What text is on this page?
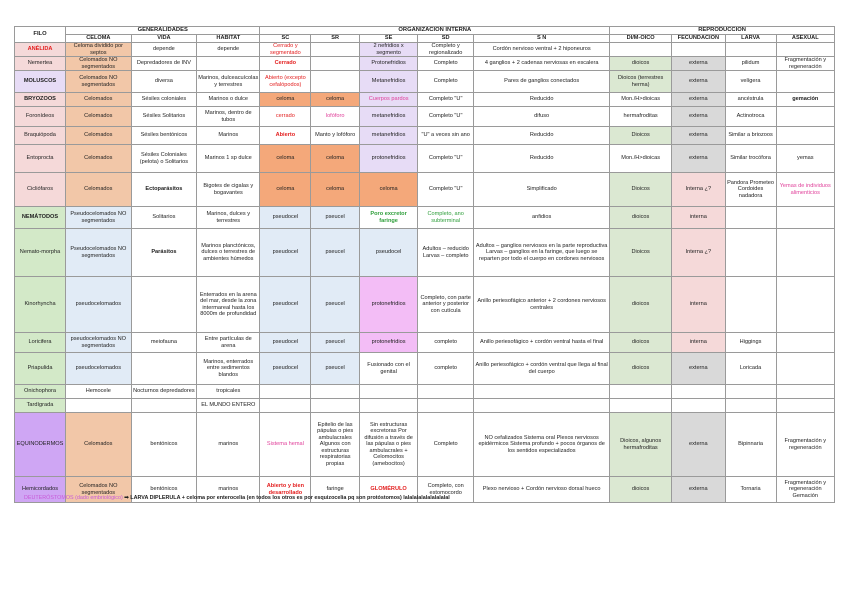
FILO	GENERALIDADES			ORGANIZACIÓN INTERNA					REPRODUCCIÓN			
	CELOMA	VIDA	HABITAT	SC	SR	SE	SD	S N	DI/M-OICO	FECUNDACIÓN	LARVA	ASEXUAL
ANÉLIDA	Celoma dividido por septos	depende	depende	Cerrado y segmentado		2 nefridios x segmento	Completo y regionalizado	Cordón nervioso ventral + 2 hiponeuros				
Nemertea	Celomados NO segmentados	Depredadores de INV		Cerrado		Protonefridios	Completo	4 ganglios + 2 cadenas nerviosas en escalera	dioicos	externa	pilidum	Fragmentación y regeneración
MOLUSCOS	Celomados NO segmentados	diversa	Marinos, dulceacuícolas y terrestres	Abierto (excepto cefalópodos)		Metanefridios	Completo	Pares de ganglios conectados	Dioicos (terrestres herma)	externa	velígera	
BRYOZOOS	Celomados	Sésiles coloniales	Marinos o dulce	celoma	celoma	Cuerpos pardos	Completo "U"	Reducido	Mon./H>dioicas	externa	ancéstrula	gemación
Foronídeos	Celomados	Sésiles Solitarios	Marinos, dentro de tubos	cerrado	lofóforo	metanefridios	Completo "U"	difuso	hermafroditas	externa	Actinotroca	
Braquiópoda	Celomados	Sésiles bentónicos	Marinos	Abierto	Manto y lofóforo	metanefridios	"U" a veces sin ano	Reducido	Dioicos	externa	Similar a briozoos	
Entoprocta	Celomados	Sésiles Coloniales (pelota) o Solitarios	Marinos 1 sp dulce	celoma	celoma	protonefridios	Completo "U"	Reducido	Mon./H>dioicas	externa	Similar trocófora	yemas
Cicliófaros	Celomados	Ectoparásitos	Bigotes de cigalas y bogavantes	celoma	celoma	celoma	Completo "U"	Simplificado	Dioicos	Interna ¿?	Pandora Prometeo Cordoides nadadora	Yemas de individuos alimenticios
NEMÁTODOS	Pseudocelomados NO segmentados	Solitarios	Marinos, dulces y terrestres	pseudocel	pseucel	Poro excretor faringe	Completo, ano subterminal	anfidios	dioicos	interna		
Nemato-morpha	Pseudocelomados NO segmentados	Parásitos	Marinos planctónicos, dulces o terrestres de ambientes húmedos	pseudocel	pseucel	pseudocel	Adultos – reducido Larvas – completo	Adultos – ganglios nerviosos en la parte reproductiva Larvas – ganglios en la faringe, que luego se reparten por todo el cuerpo en cordones nerviosos	Dioicos	Interna ¿?		
Kinorhyncha	pseudocelomados		Enterrados en la arena del mar, desde la zona intermareal hasta los 8000m de profundidad	pseudocel	pseucel	protonefridios	Completo, con parte anterior y posterior con cutícula	Anillo periesofágico anterior + 2 cordones nerviosos centrales	dioicos	interna		
Loricifera	pseudocelomados NO segmentados	meiofauna	Entre partículas de arena	pseudocel	pseucel	protonefridios	completo	Anillo periesofágico + cordón ventral hasta el final	dioicos	interna	Higgings	
Priapulida	pseudocelomados		Marinos, enterrados entre sedimentos blandos	pseudocel	pseucel	Fusionado con el genital	completo	Anillo periesofágico + cordón ventral que llega al final del cuerpo	dioicos	externa	Loricada	
Onichophora	Hemocele	Nocturnos depredadores	tropicales									
Tardígrada			EL MUNDO ENTERO									
EQUINODERMOS	Celomados	bentónicos	marinos	Sistema hemal	Epitelio de las pápulas o pies ambulacrales Algunos con estructuras respiratorias propias	Sin estructuras excretoras Por difusión a través de las pápulas o pies ambulacrales + Celomocitos (amebocitos)	Completo	NO cefalizados Sistema oral Plexos nerviosos epidérmicos Sistema profundo + pocos órganos de los sentidos especializados	Dioicos, algunos hermafroditas	externa	Bipinnaria	Fragmentación y regeneración
Hemicordados	Celomados NO segmentados	bentónicos	marinos	Abierto y bien desarrollado	faringe	GLOMÉRULO	Completo, con estomocordo	Plexo nervioso + Cordón nervioso dorsal hueco	dioicos	externa	Tornaria	Fragmentación y regeneración Gemación
DEUTERÓSTOMOS (dado embriológico) ➡ LARVA DIPLERULA + celoma por enterocelia (en todos los otros es por esquizocelia pq son protóstomos) lalalalalalalalalalal
